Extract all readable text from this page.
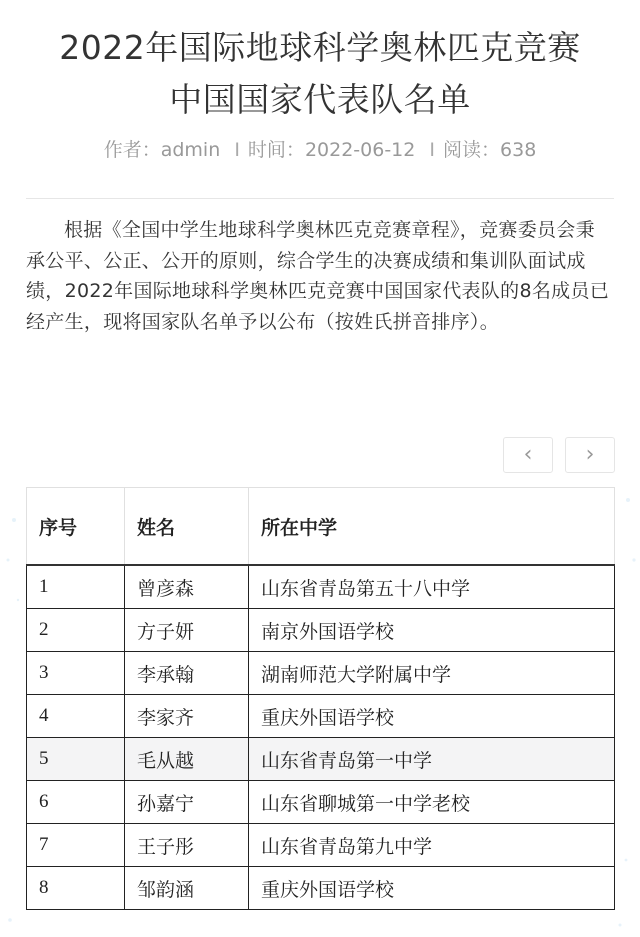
2022年国际地球科学奥林匹克竞赛
中国国家代表队名单
作者：admin I 时间：2022-06-12 I 阅读：638

根据《全国中学生地球科学奥林匹克竞赛章程》，竞赛委员会秉承公平、公正、公开的原则，综合学生的决赛成绩和集训队面试成绩，2022年国际地球科学奥林匹克竞赛中国国家代表队的8名成员已经产生，现将国家队名单予以公布（按姓氏拼音排序）。

‹	›
序号	姓名	所在中学
1	曾彦森	山东省青岛第五十八中学
2	方子妍	南京外国语学校
3	李承翰	湖南师范大学附属中学
4	李家齐	重庆外国语学校
5	毛从越	山东省青岛第一中学
6	孙嘉宁	山东省聊城第一中学老校
7	王子彤	山东省青岛第九中学
8	邹韵涵	重庆外国语学校
